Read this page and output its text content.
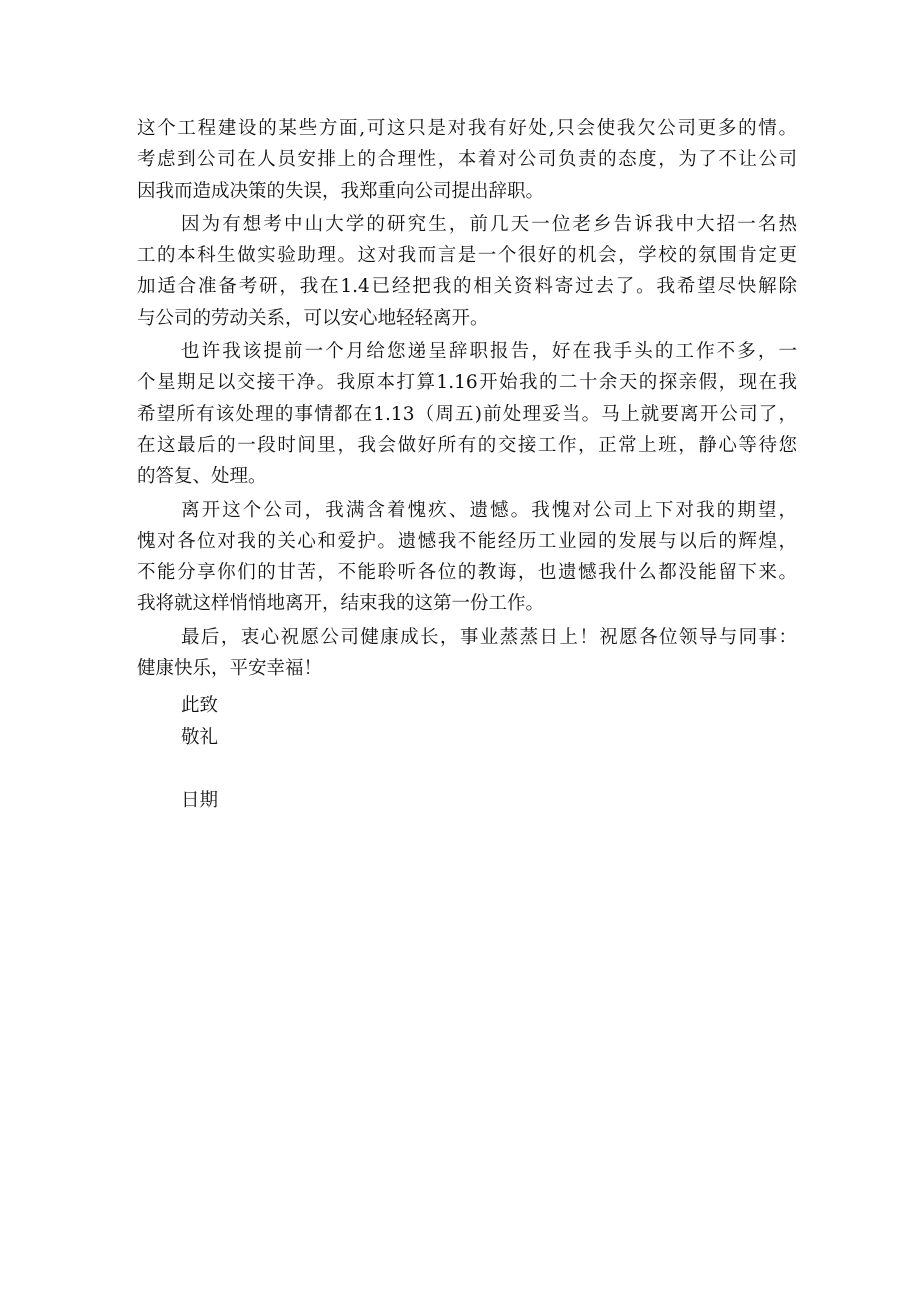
这个工程建设的某些方面,可这只是对我有好处,只会使我欠公司更多的情。
考虑到公司在人员安排上的合理性，本着对公司负责的态度，为了不让公司
因我而造成决策的失误，我郑重向公司提出辞职。
因为有想考中山大学的研究生，前几天一位老乡告诉我中大招一名热
工的本科生做实验助理。这对我而言是一个很好的机会，学校的氛围肯定更
加适合准备考研，我在1.4已经把我的相关资料寄过去了。我希望尽快解除
与公司的劳动关系，可以安心地轻轻离开。
也许我该提前一个月给您递呈辞职报告，好在我手头的工作不多，一
个星期足以交接干净。我原本打算1.16开始我的二十余天的探亲假，现在我
希望所有该处理的事情都在1.13（周五)前处理妥当。马上就要离开公司了，
在这最后的一段时间里，我会做好所有的交接工作，正常上班，静心等待您
的答复、处理。
离开这个公司，我满含着愧疚、遗憾。我愧对公司上下对我的期望，
愧对各位对我的关心和爱护。遗憾我不能经历工业园的发展与以后的辉煌，
不能分享你们的甘苦，不能聆听各位的教诲，也遗憾我什么都没能留下来。
我将就这样悄悄地离开，结束我的这第一份工作。
最后，衷心祝愿公司健康成长，事业蒸蒸日上！祝愿各位领导与同事：
健康快乐，平安幸福！
此致
敬礼
日期
